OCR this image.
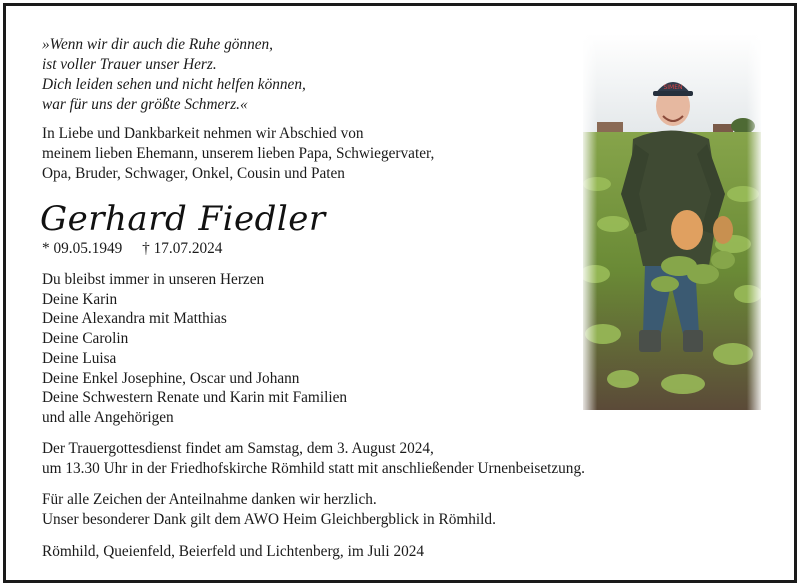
»Wenn wir dir auch die Ruhe gönnen,
ist voller Trauer unser Herz.
Dich leiden sehen und nicht helfen können,
war für uns der größte Schmerz.«
In Liebe und Dankbarkeit nehmen wir Abschied von
meinem lieben Ehemann, unserem lieben Papa, Schwiegervater,
Opa, Bruder, Schwager, Onkel, Cousin und Paten
Gerhard Fiedler
* 09.05.1949 † 17.07.2024
Du bleibst immer in unseren Herzen
Deine Karin
Deine Alexandra mit Matthias
Deine Carolin
Deine Luisa
Deine Enkel Josephine, Oscar und Johann
Deine Schwestern Renate und Karin mit Familien
und alle Angehörigen
Der Trauergottesdienst findet am Samstag, dem 3. August 2024,
um 13.30 Uhr in der Friedhofskirche Römhild statt mit anschließender Urnenbeisetzung.
Für alle Zeichen der Anteilnahme danken wir herzlich.
Unser besonderer Dank gilt dem AWO Heim Gleichbergblick in Römhild.
Römhild, Queienfeld, Beierfeld und Lichtenberg, im Juli 2024
